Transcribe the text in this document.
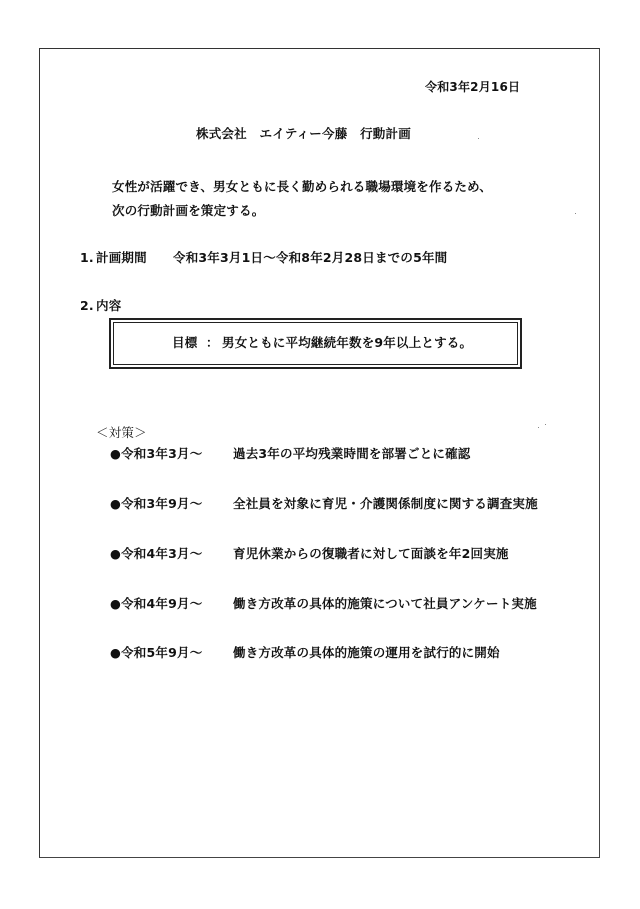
令和3年2月16日
株式会社　エイティー今藤　行動計画
女性が活躍でき、男女ともに長く勤められる職場環境を作るため、
次の行動計画を策定する。
1. 計画期間 令和3年3月1日～令和8年2月28日までの5年間
2. 内容
目標 ： 男女ともに平均継続年数を9年以上とする。
＜対策＞
●令和3年3月～ 過去3年の平均残業時間を部署ごとに確認
●令和3年9月～ 全社員を対象に育児・介護関係制度に関する調査実施
●令和4年3月～ 育児休業からの復職者に対して面談を年2回実施
●令和4年9月～ 働き方改革の具体的施策について社員アンケート実施
●令和5年9月～ 働き方改革の具体的施策の運用を試行的に開始
